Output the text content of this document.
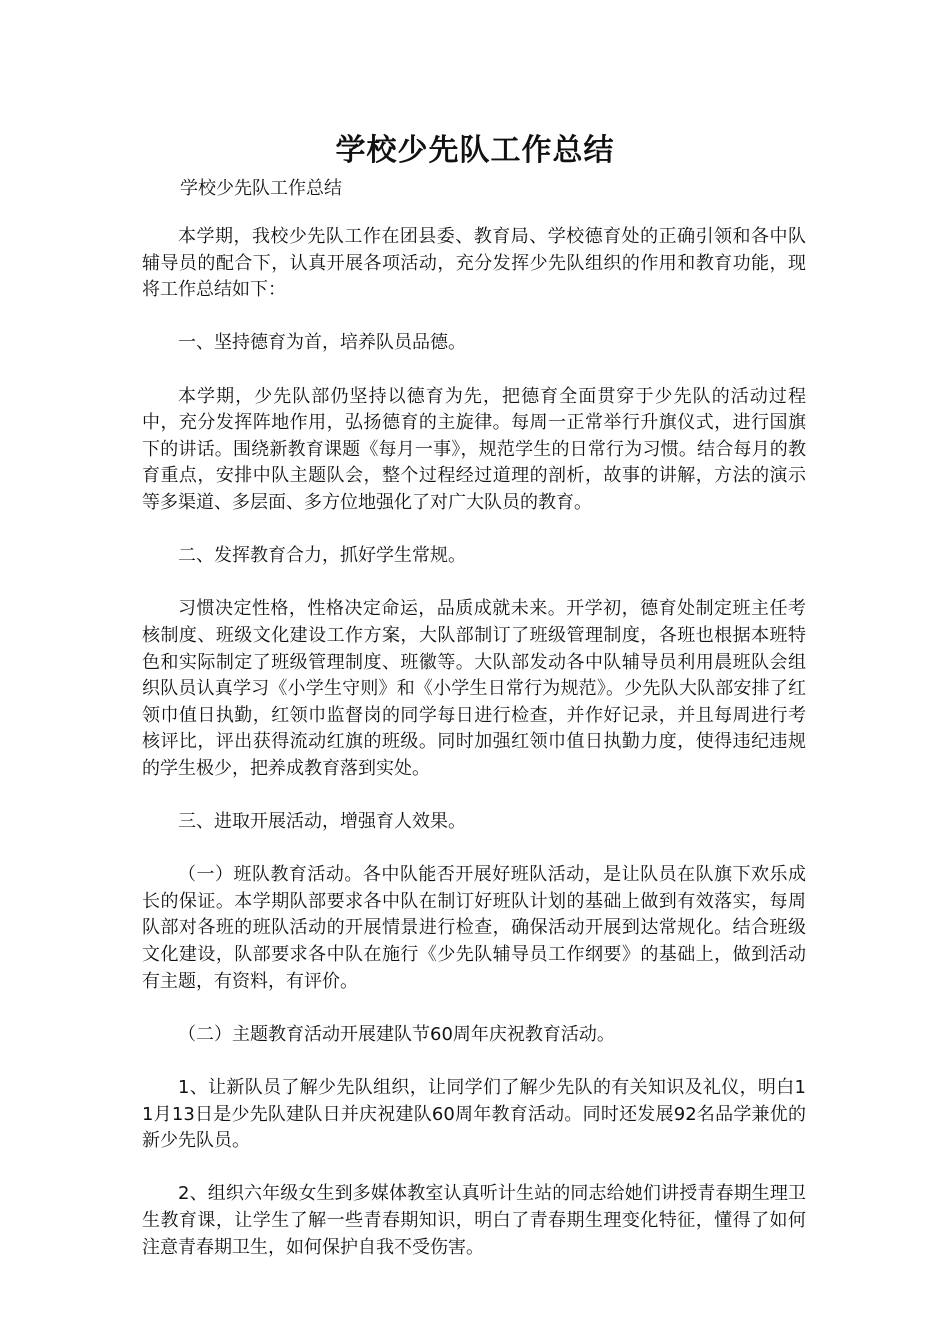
学校少先队工作总结
学校少先队工作总结

本学期，我校少先队工作在团县委、教育局、学校德育处的正确引领和各中队辅导员的配合下，认真开展各项活动，充分发挥少先队组织的作用和教育功能，现将工作总结如下：

一、坚持德育为首，培养队员品德。

本学期，少先队部仍坚持以德育为先，把德育全面贯穿于少先队的活动过程中，充分发挥阵地作用，弘扬德育的主旋律。每周一正常举行升旗仪式，进行国旗下的讲话。围绕新教育课题《每月一事》，规范学生的日常行为习惯。结合每月的教育重点，安排中队主题队会，整个过程经过道理的剖析，故事的讲解，方法的演示等多渠道、多层面、多方位地强化了对广大队员的教育。

二、发挥教育合力，抓好学生常规。

习惯决定性格，性格决定命运，品质成就未来。开学初，德育处制定班主任考核制度、班级文化建设工作方案，大队部制订了班级管理制度，各班也根据本班特色和实际制定了班级管理制度、班徽等。大队部发动各中队辅导员利用晨班队会组织队员认真学习《小学生守则》和《小学生日常行为规范》。少先队大队部安排了红领巾值日执勤，红领巾监督岗的同学每日进行检查，并作好记录，并且每周进行考核评比，评出获得流动红旗的班级。同时加强红领巾值日执勤力度，使得违纪违规的学生极少，把养成教育落到实处。

三、进取开展活动，增强育人效果。

（一）班队教育活动。各中队能否开展好班队活动，是让队员在队旗下欢乐成长的保证。本学期队部要求各中队在制订好班队计划的基础上做到有效落实，每周队部对各班的班队活动的开展情景进行检查，确保活动开展到达常规化。结合班级文化建设，队部要求各中队在施行《少先队辅导员工作纲要》的基础上，做到活动有主题，有资料，有评价。

（二）主题教育活动开展建队节60周年庆祝教育活动。

1、让新队员了解少先队组织，让同学们了解少先队的有关知识及礼仪，明白11月13日是少先队建队日并庆祝建队60周年教育活动。同时还发展92名品学兼优的新少先队员。

2、组织六年级女生到多媒体教室认真听计生站的同志给她们讲授青春期生理卫生教育课，让学生了解一些青春期知识，明白了青春期生理变化特征，懂得了如何注意青春期卫生，如何保护自我不受伤害。
